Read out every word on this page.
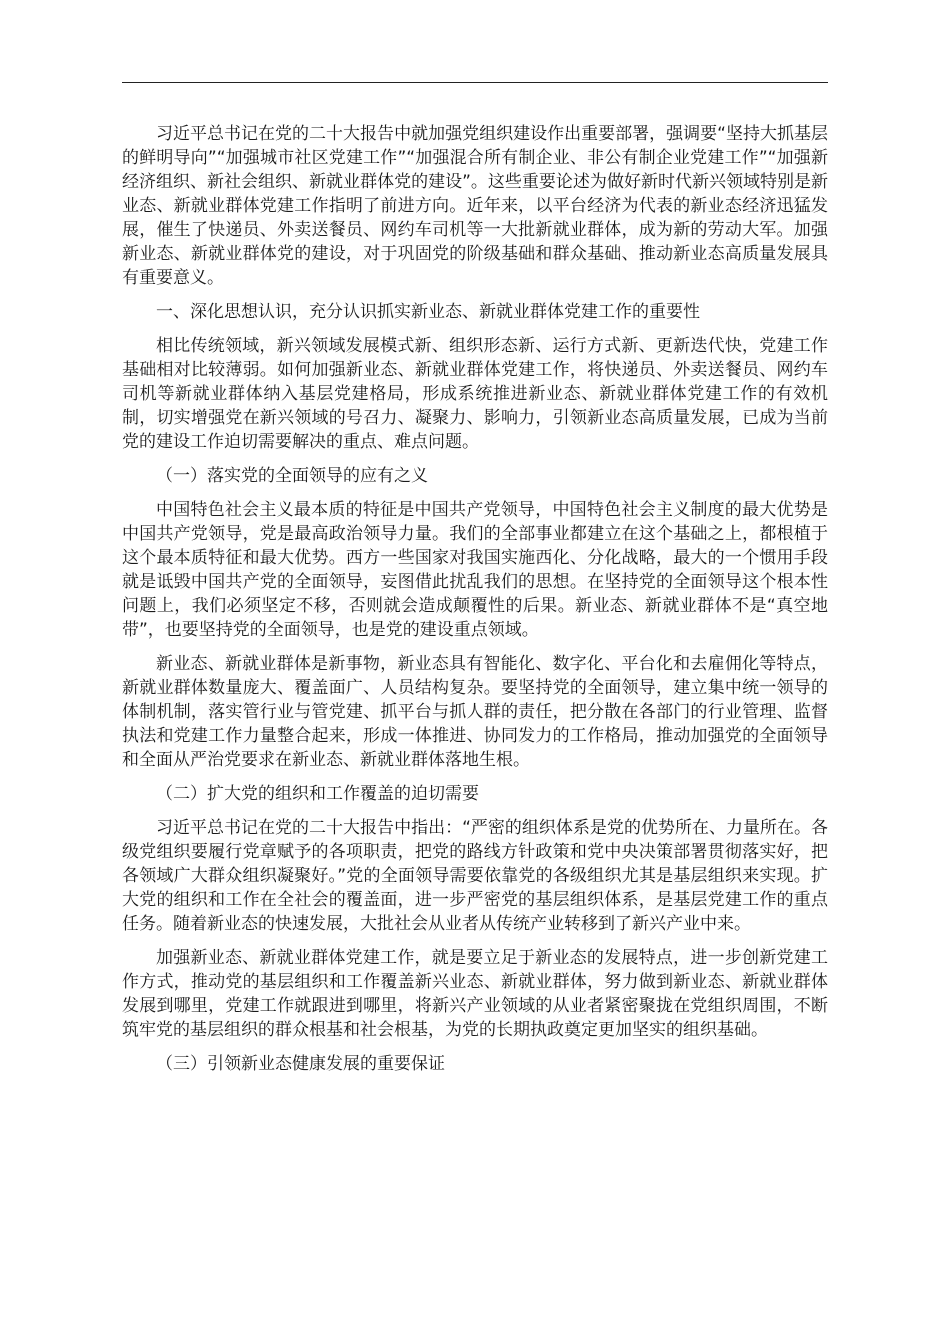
习近平总书记在党的二十大报告中就加强党组织建设作出重要部署，强调要“坚持大抓基层的鲜明导向”“加强城市社区党建工作”“加强混合所有制企业、非公有制企业党建工作”“加强新经济组织、新社会组织、新就业群体党的建设”。这些重要论述为做好新时代新兴领域特别是新业态、新就业群体党建工作指明了前进方向。近年来，以平台经济为代表的新业态经济迅猛发展，催生了快递员、外卖送餐员、网约车司机等一大批新就业群体，成为新的劳动大军。加强新业态、新就业群体党的建设，对于巩固党的阶级基础和群众基础、推动新业态高质量发展具有重要意义。

一、深化思想认识，充分认识抓实新业态、新就业群体党建工作的重要性

相比传统领域，新兴领域发展模式新、组织形态新、运行方式新、更新迭代快，党建工作基础相对比较薄弱。如何加强新业态、新就业群体党建工作，将快递员、外卖送餐员、网约车司机等新就业群体纳入基层党建格局，形成系统推进新业态、新就业群体党建工作的有效机制，切实增强党在新兴领域的号召力、凝聚力、影响力，引领新业态高质量发展，已成为当前党的建设工作迫切需要解决的重点、难点问题。

（一）落实党的全面领导的应有之义

中国特色社会主义最本质的特征是中国共产党领导，中国特色社会主义制度的最大优势是中国共产党领导，党是最高政治领导力量。我们的全部事业都建立在这个基础之上，都根植于这个最本质特征和最大优势。西方一些国家对我国实施西化、分化战略，最大的一个惯用手段就是诋毁中国共产党的全面领导，妄图借此扰乱我们的思想。在坚持党的全面领导这个根本性问题上，我们必须坚定不移，否则就会造成颠覆性的后果。新业态、新就业群体不是“真空地带”，也要坚持党的全面领导，也是党的建设重点领域。

新业态、新就业群体是新事物，新业态具有智能化、数字化、平台化和去雇佣化等特点，新就业群体数量庞大、覆盖面广、人员结构复杂。要坚持党的全面领导，建立集中统一领导的体制机制，落实管行业与管党建、抓平台与抓人群的责任，把分散在各部门的行业管理、监督执法和党建工作力量整合起来，形成一体推进、协同发力的工作格局，推动加强党的全面领导和全面从严治党要求在新业态、新就业群体落地生根。

（二）扩大党的组织和工作覆盖的迫切需要

习近平总书记在党的二十大报告中指出：“严密的组织体系是党的优势所在、力量所在。各级党组织要履行党章赋予的各项职责，把党的路线方针政策和党中央决策部署贯彻落实好，把各领域广大群众组织凝聚好。”党的全面领导需要依靠党的各级组织尤其是基层组织来实现。扩大党的组织和工作在全社会的覆盖面，进一步严密党的基层组织体系，是基层党建工作的重点任务。随着新业态的快速发展，大批社会从业者从传统产业转移到了新兴产业中来。

加强新业态、新就业群体党建工作，就是要立足于新业态的发展特点，进一步创新党建工作方式，推动党的基层组织和工作覆盖新兴业态、新就业群体，努力做到新业态、新就业群体发展到哪里，党建工作就跟进到哪里，将新兴产业领域的从业者紧密聚拢在党组织周围，不断筑牢党的基层组织的群众根基和社会根基，为党的长期执政奠定更加坚实的组织基础。

（三）引领新业态健康发展的重要保证
